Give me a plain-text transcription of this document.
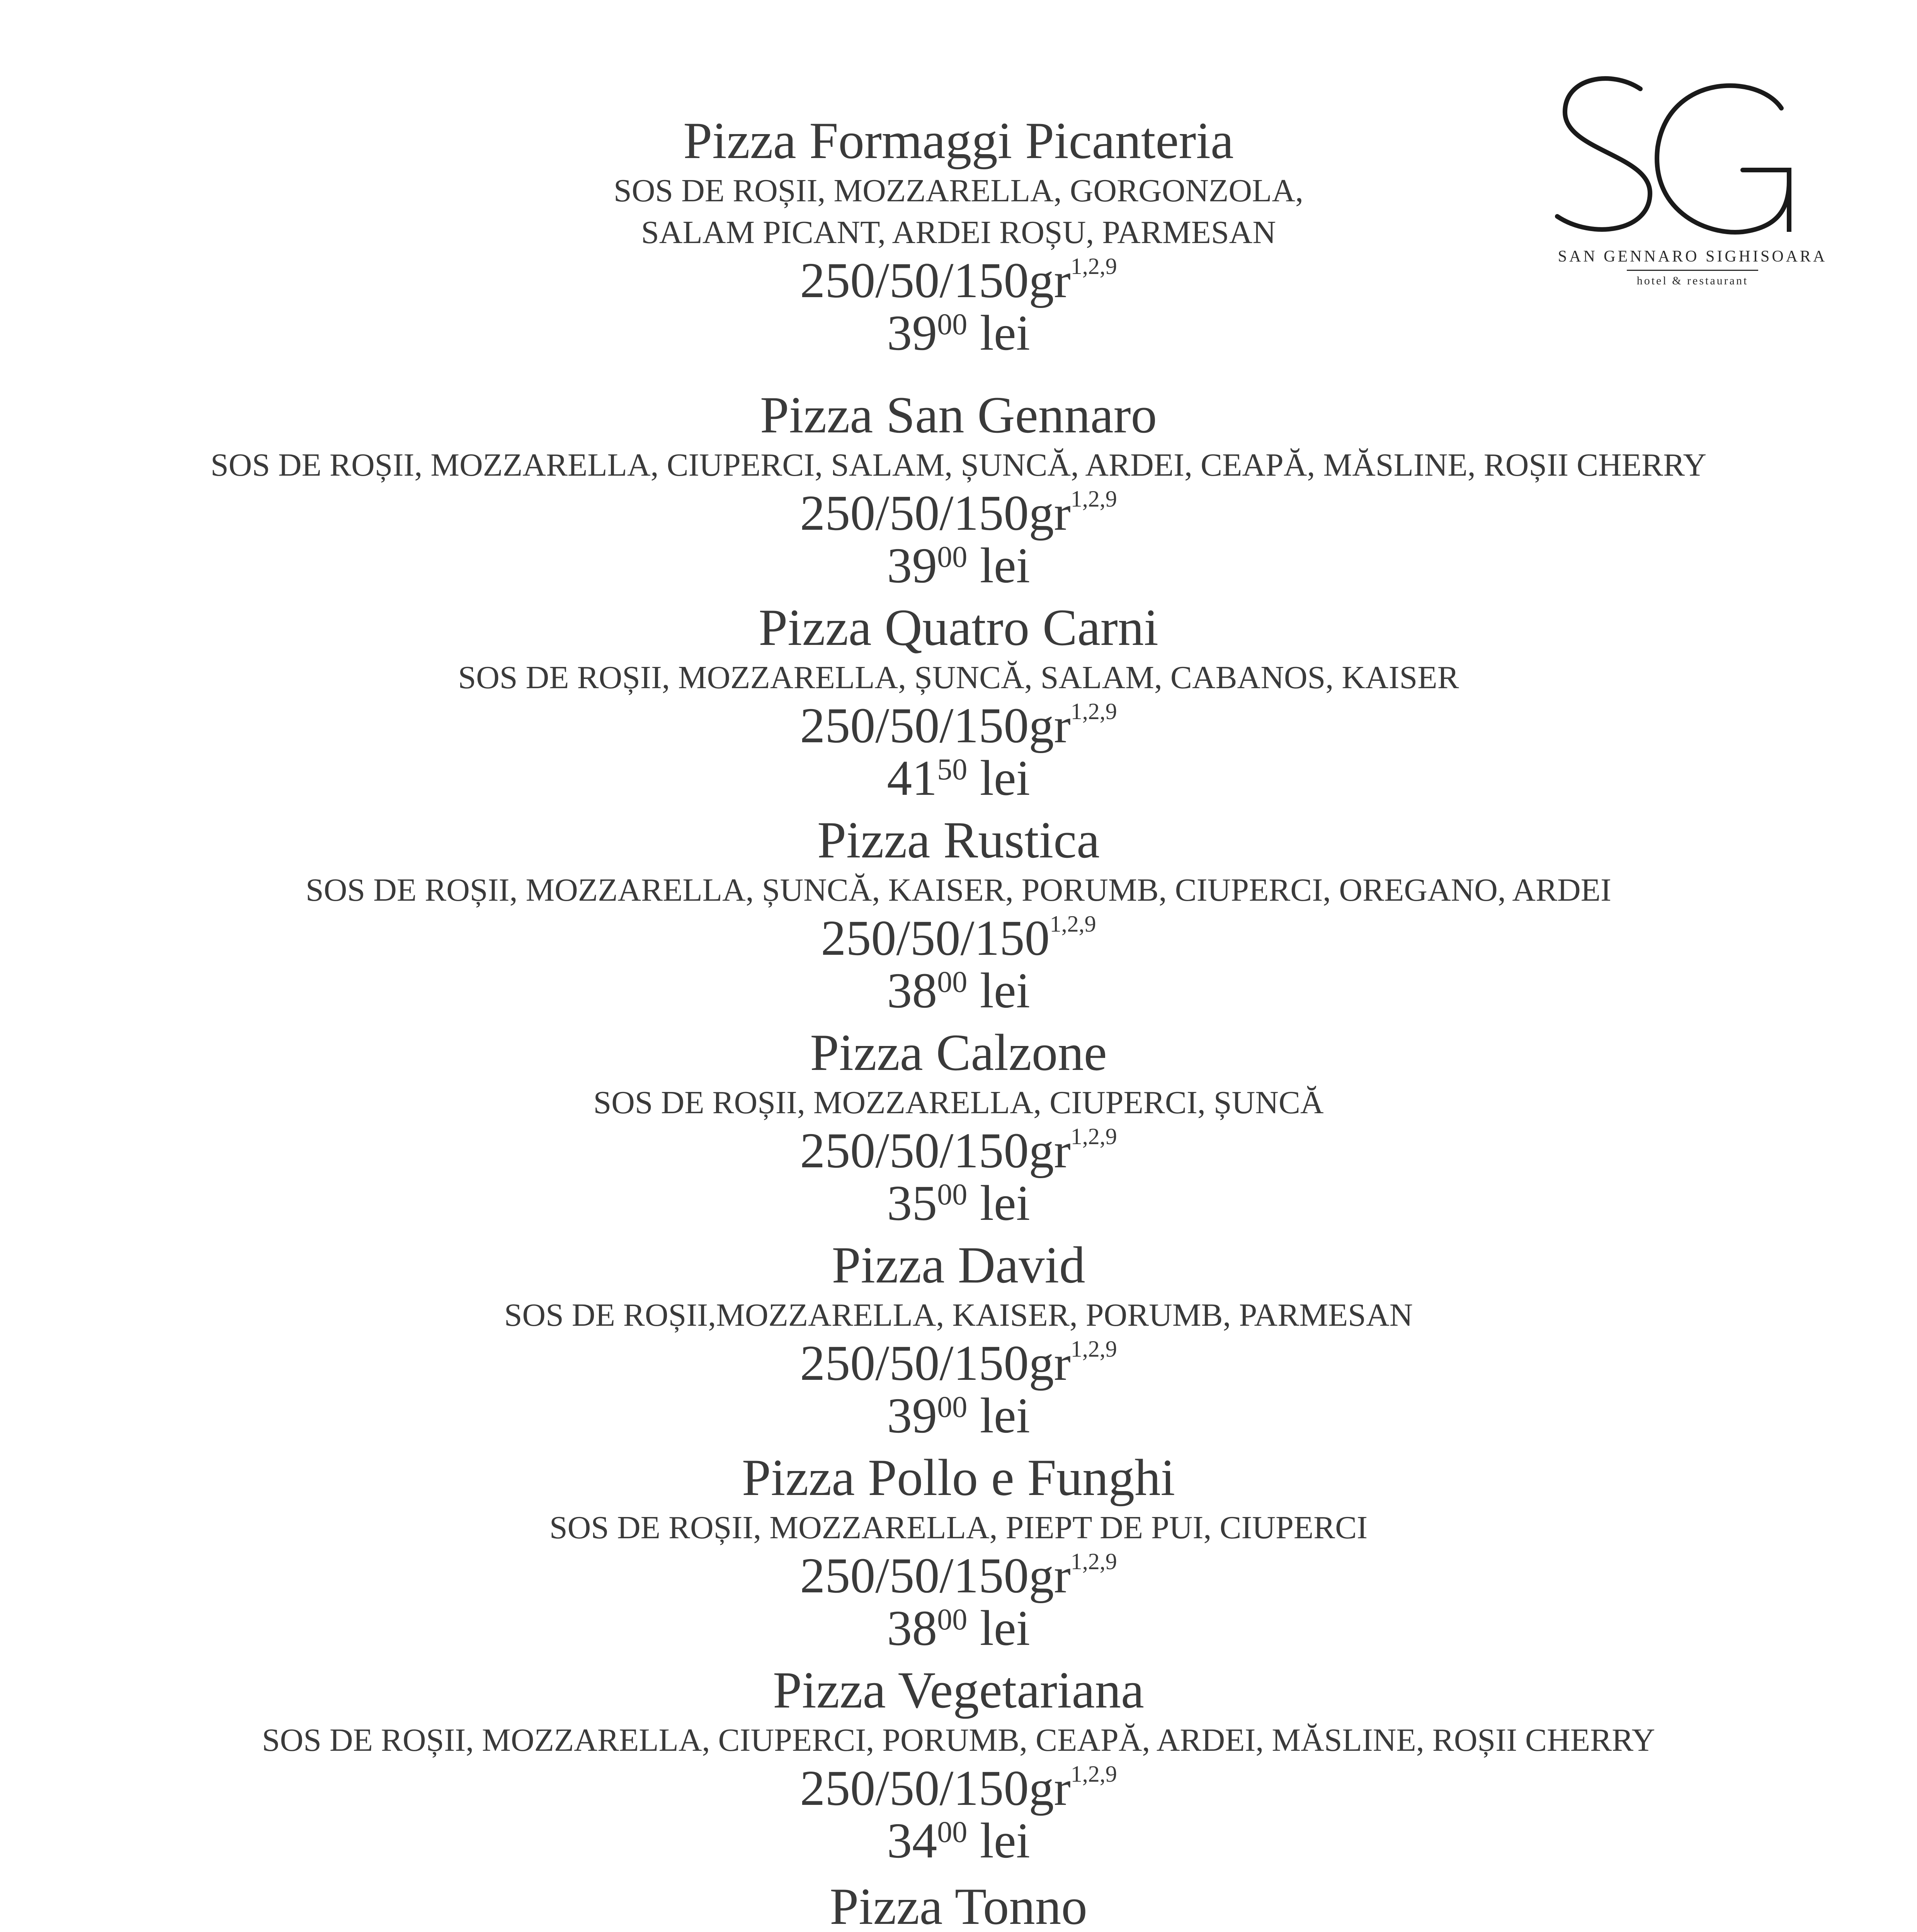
SAN GENNARO SIGHISOARA
hotel & restaurant
Pizza Formaggi Picanteria
SOS DE ROȘII, MOZZARELLA, GORGONZOLA,
SALAM PICANT, ARDEI ROȘU, PARMESAN
250/50/150gr$^{1,2,9}$
$39^{00}$ lei
Pizza San Gennaro
SOS DE ROȘII, MOZZARELLA, CIUPERCI, SALAM, ȘUNCĂ, ARDEI, CEAPĂ, MĂSLINE, ROȘII CHERRY
250/50/150gr$^{1,2,9}$
$39^{00}$ lei
Pizza Quatro Carni
SOS DE ROȘII, MOZZARELLA, ȘUNCĂ, SALAM, CABANOS, KAISER
250/50/150gr$^{1,2,9}$
$41^{50}$ lei
Pizza Rustica
SOS DE ROȘII, MOZZARELLA, ȘUNCĂ, KAISER, PORUMB, CIUPERCI, OREGANO, ARDEI
250/50/150$^{1,2,9}$
$38^{00}$ lei
Pizza Calzone
SOS DE ROȘII, MOZZARELLA, CIUPERCI, ȘUNCĂ
250/50/150gr$^{1,2,9}$
$35^{00}$ lei
Pizza David
SOS DE ROȘII,MOZZARELLA, KAISER, PORUMB, PARMESAN
250/50/150gr$^{1,2,9}$
$39^{00}$ lei
Pizza Pollo e Funghi
SOS DE ROȘII, MOZZARELLA, PIEPT DE PUI, CIUPERCI
250/50/150gr$^{1,2,9}$
$38^{00}$ lei
Pizza Vegetariana
SOS DE ROȘII, MOZZARELLA, CIUPERCI, PORUMB, CEAPĂ, ARDEI, MĂSLINE, ROȘII CHERRY
250/50/150gr$^{1,2,9}$
$34^{00}$ lei
Pizza Tonno
